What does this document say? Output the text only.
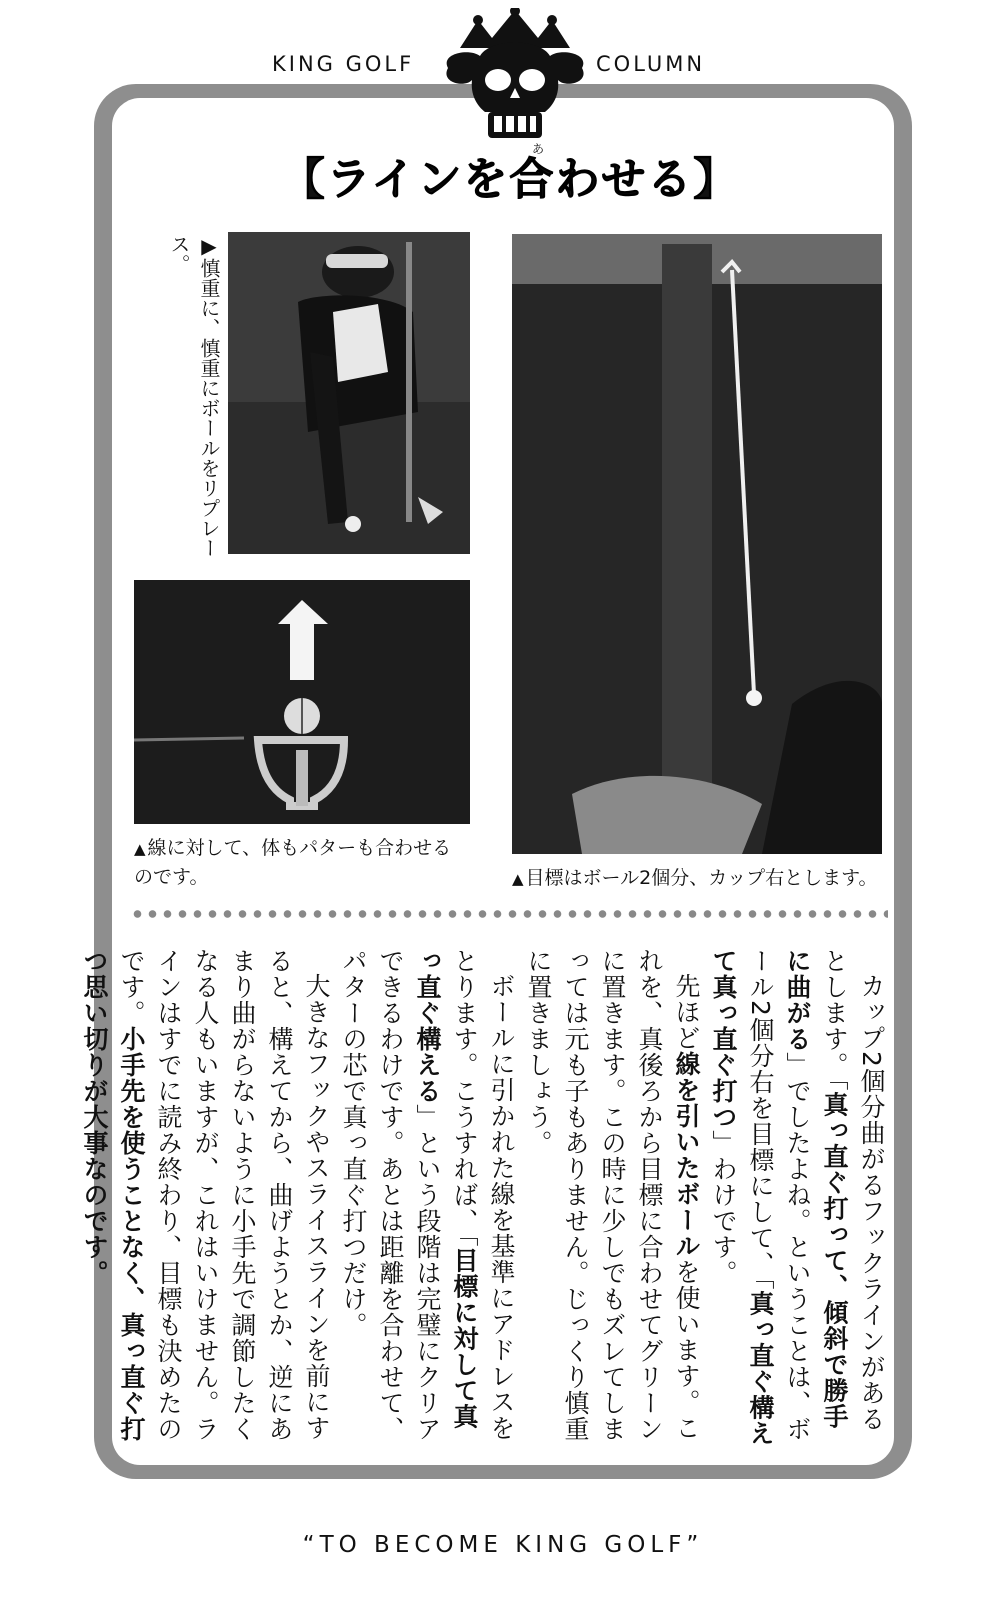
KING GOLF	COLUMN
あ
【ラインを合わせる】
▶慎重に、慎重にボールをリプレース。
▲ 線に対して、体もパターも合わせる
のです。	▲ 目標はボール2個分、カップ右とします。

カップ2個分曲がるフックラインがあるとします。「真っ直ぐ打って、傾斜で勝手に曲がる」でしたよね。ということは、ボール2個分右を目標にして、「真っ直ぐ構えて真っ直ぐ打つ」わけです。

先ほど線を引いたボールを使います。これを、真後ろから目標に合わせてグリーンに置きます。この時に少しでもズレてしまっては元も子もありません。じっくり慎重に置きましょう。

ボールに引かれた線を基準にアドレスをとります。こうすれば、「目標に対して真っ直ぐ構える」という段階は完璧にクリアできるわけです。あとは距離を合わせて、パターの芯で真っ直ぐ打つだけ。

大きなフックやスライスラインを前にすると、構えてから、曲げようとか、逆にあまり曲がらないように小手先で調節したくなる人もいますが、これはいけません。ラインはすでに読み終わり、目標も決めたのです。小手先を使うことなく、真っ直ぐ打つ思い切りが大事なのです。

“TO BECOME KING GOLF”
